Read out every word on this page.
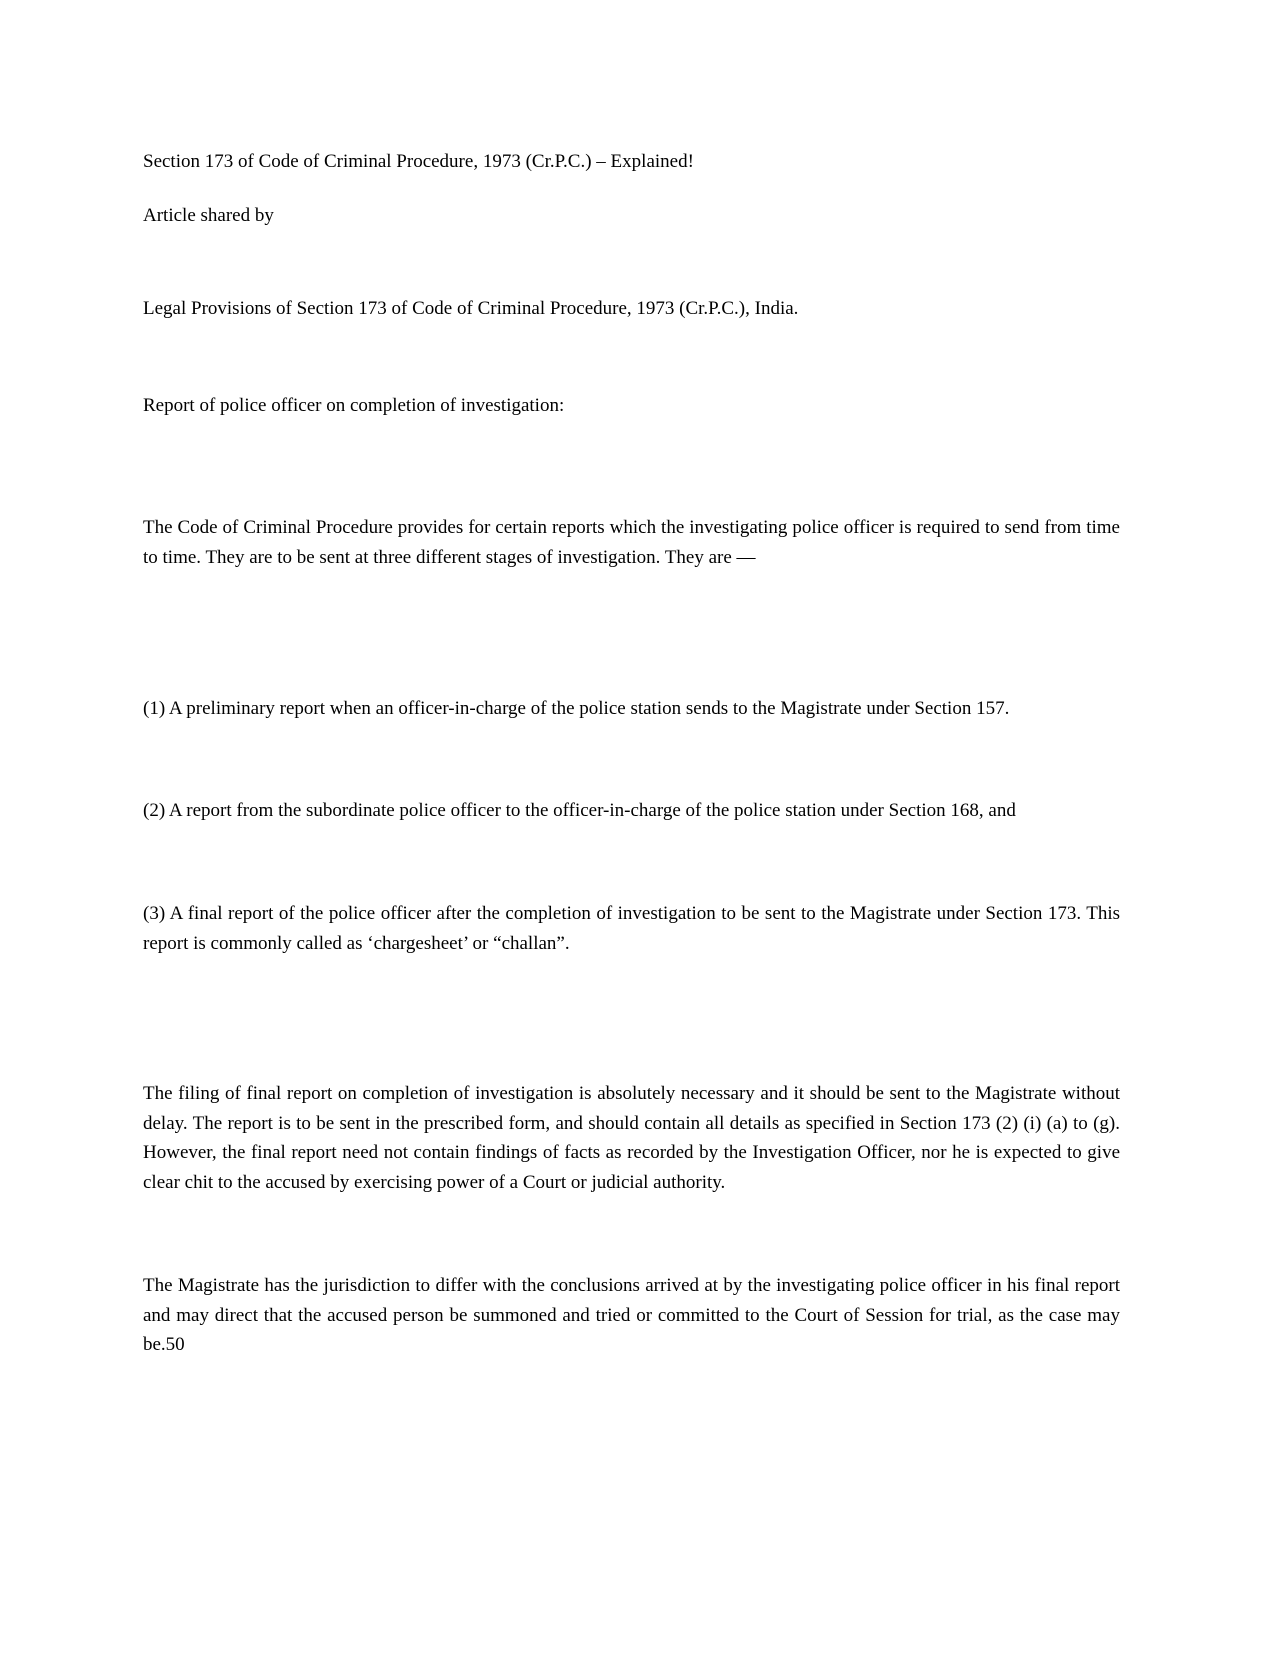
Section 173 of Code of Criminal Procedure, 1973 (Cr.P.C.) – Explained!

Article shared by

Legal Provisions of Section 173 of Code of Criminal Procedure, 1973 (Cr.P.C.), India.

Report of police officer on completion of investigation:

The Code of Criminal Procedure provides for certain reports which the investigating police officer is required to send from time to time. They are to be sent at three different stages of investigation. They are —

(1) A preliminary report when an officer-in-charge of the police station sends to the Magistrate under Section 157.

(2) A report from the subordinate police officer to the officer-in-charge of the police station under Section 168, and

(3) A final report of the police officer after the completion of investigation to be sent to the Magistrate under Section 173. This report is commonly called as ‘chargesheet’ or “challan”.

The filing of final report on completion of investigation is absolutely necessary and it should be sent to the Magistrate without delay. The report is to be sent in the prescribed form, and should contain all details as specified in Section 173 (2) (i) (a) to (g). However, the final report need not contain findings of facts as recorded by the Investigation Officer, nor he is expected to give clear chit to the accused by exercising power of a Court or judicial authority.

The Magistrate has the jurisdiction to differ with the conclusions arrived at by the investigating police officer in his final report and may direct that the accused person be summoned and tried or committed to the Court of Session for trial, as the case may be.50
